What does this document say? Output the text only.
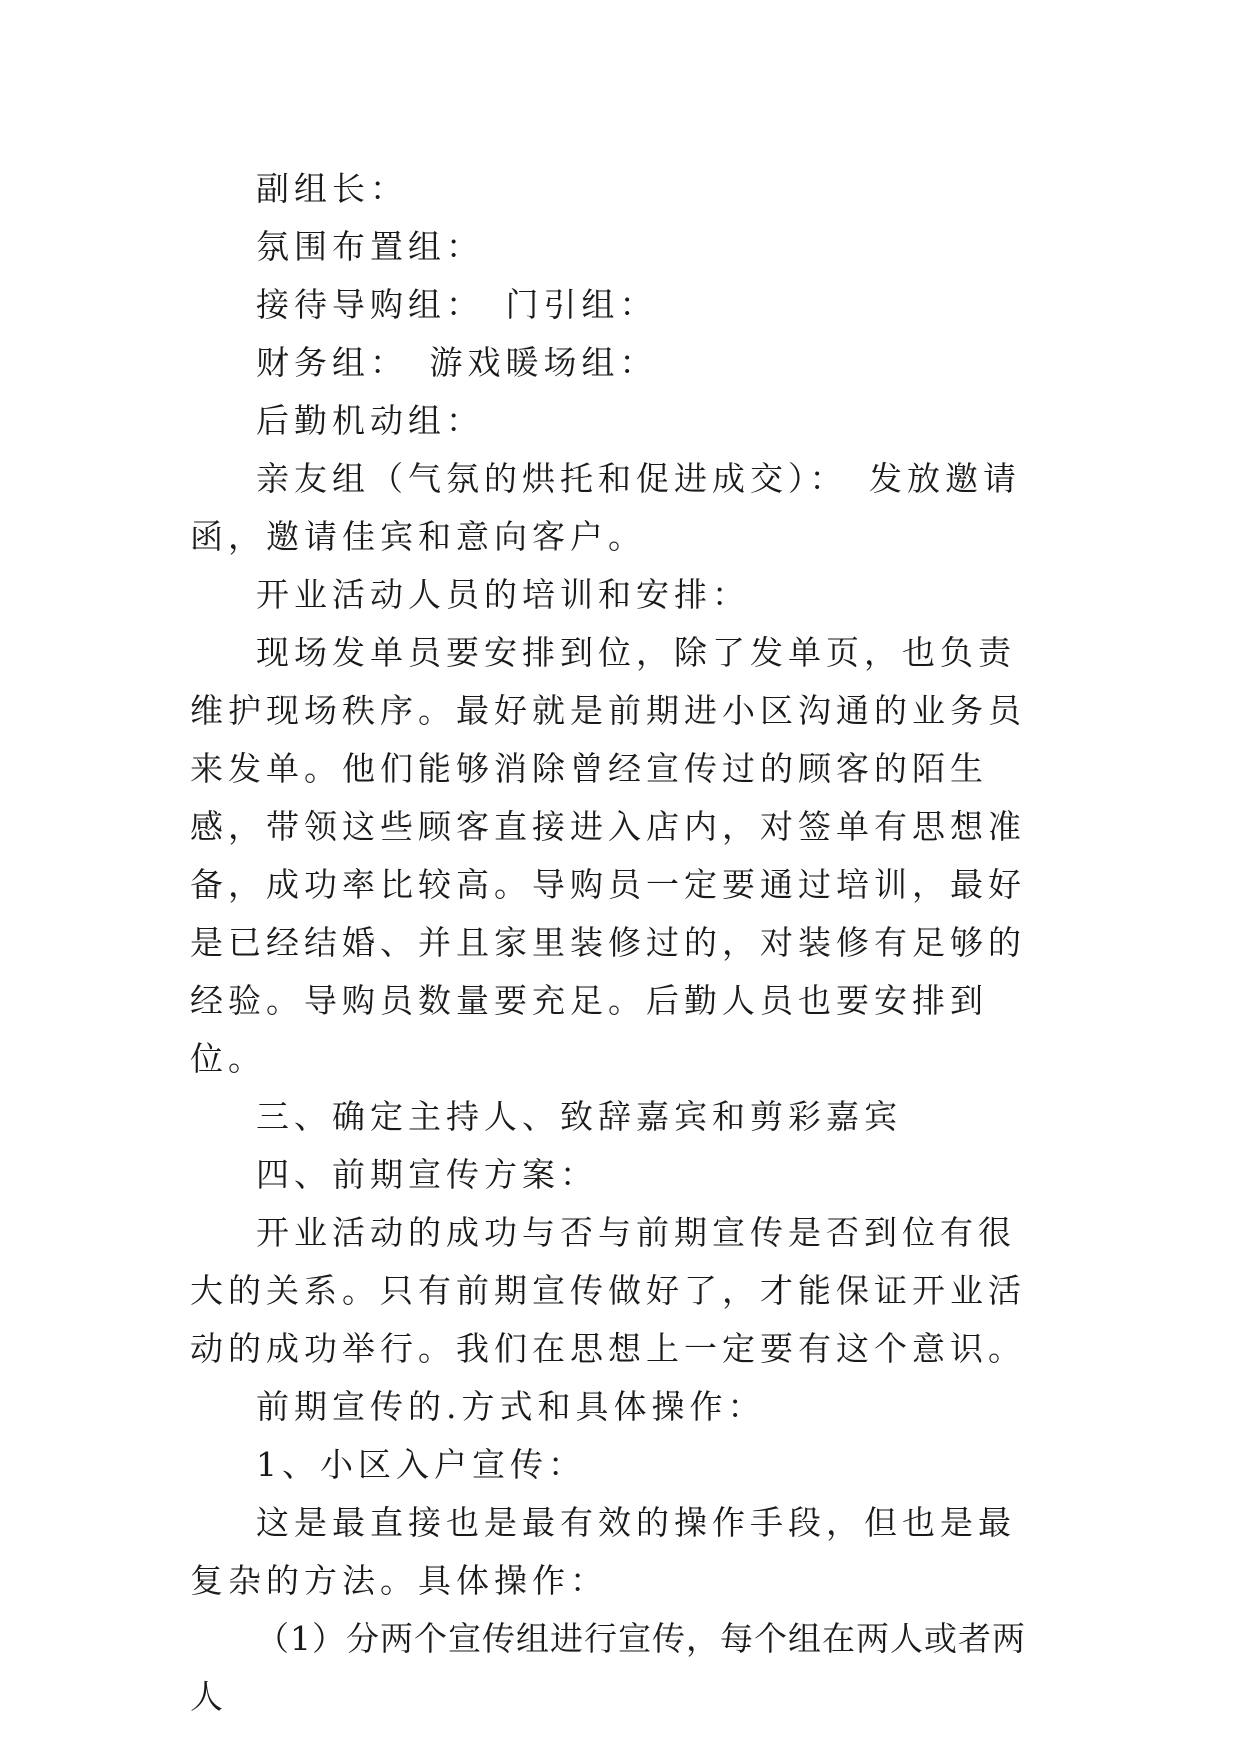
副组长：

氛围布置组：

接待导购组：　门引组：

财务组：　游戏暖场组：

后勤机动组：

亲友组（气氛的烘托和促进成交）：　发放邀请函，邀请佳宾和意向客户。

开业活动人员的培训和安排：

现场发单员要安排到位，除了发单页，也负责维护现场秩序。最好就是前期进小区沟通的业务员来发单。他们能够消除曾经宣传过的顾客的陌生感，带领这些顾客直接进入店内，对签单有思想准备，成功率比较高。导购员一定要通过培训，最好是已经结婚、并且家里装修过的，对装修有足够的经验。导购员数量要充足。后勤人员也要安排到位。

三、确定主持人、致辞嘉宾和剪彩嘉宾

四、前期宣传方案：

开业活动的成功与否与前期宣传是否到位有很大的关系。只有前期宣传做好了，才能保证开业活动的成功举行。我们在思想上一定要有这个意识。

前期宣传的.方式和具体操作：

1、小区入户宣传：

这是最直接也是最有效的操作手段，但也是最复杂的方法。具体操作：

（1）分两个宣传组进行宣传，每个组在两人或者两人
